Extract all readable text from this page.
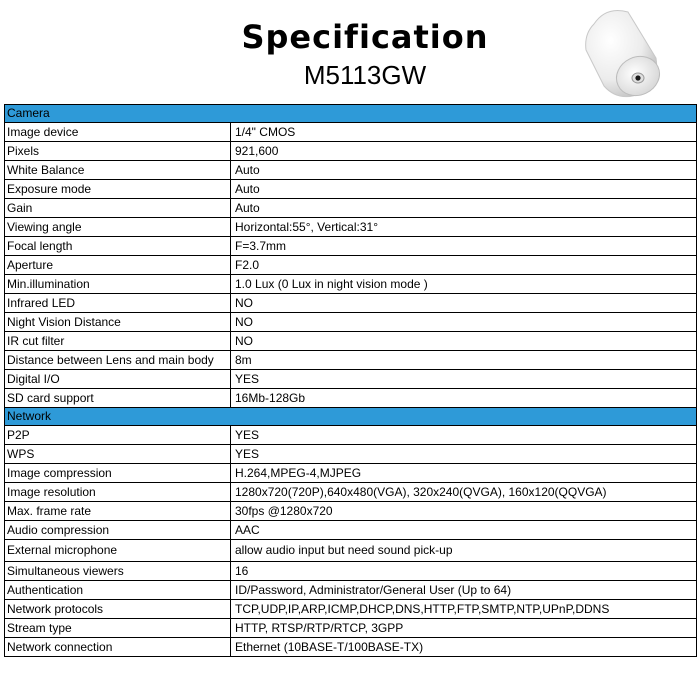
Specification
M5113GW
Camera	
Image device	1/4" CMOS
Pixels	921,600
White Balance	Auto
Exposure mode	Auto
Gain	Auto
Viewing angle	Horizontal:55°, Vertical:31°
Focal length	F=3.7mm
Aperture	F2.0
Min.illumination	1.0 Lux (0 Lux in night vision mode )
Infrared LED	NO
Night Vision Distance	NO
IR cut filter	NO
Distance between Lens and main body	8m
Digital I/O	YES
SD card support	16Mb-128Gb
Network	
P2P	YES
WPS	YES
Image compression	H.264,MPEG-4,MJPEG
Image resolution	1280x720(720P),640x480(VGA), 320x240(QVGA), 160x120(QQVGA)
Max. frame rate	30fps @1280x720
Audio compression	AAC
External microphone	allow audio input but need sound pick-up
Simultaneous viewers	16
Authentication	ID/Password, Administrator/General User (Up to 64)
Network protocols	TCP,UDP,IP,ARP,ICMP,DHCP,DNS,HTTP,FTP,SMTP,NTP,UPnP,DDNS
Stream type	HTTP, RTSP/RTP/RTCP, 3GPP
Network connection	Ethernet (10BASE-T/100BASE-TX)
